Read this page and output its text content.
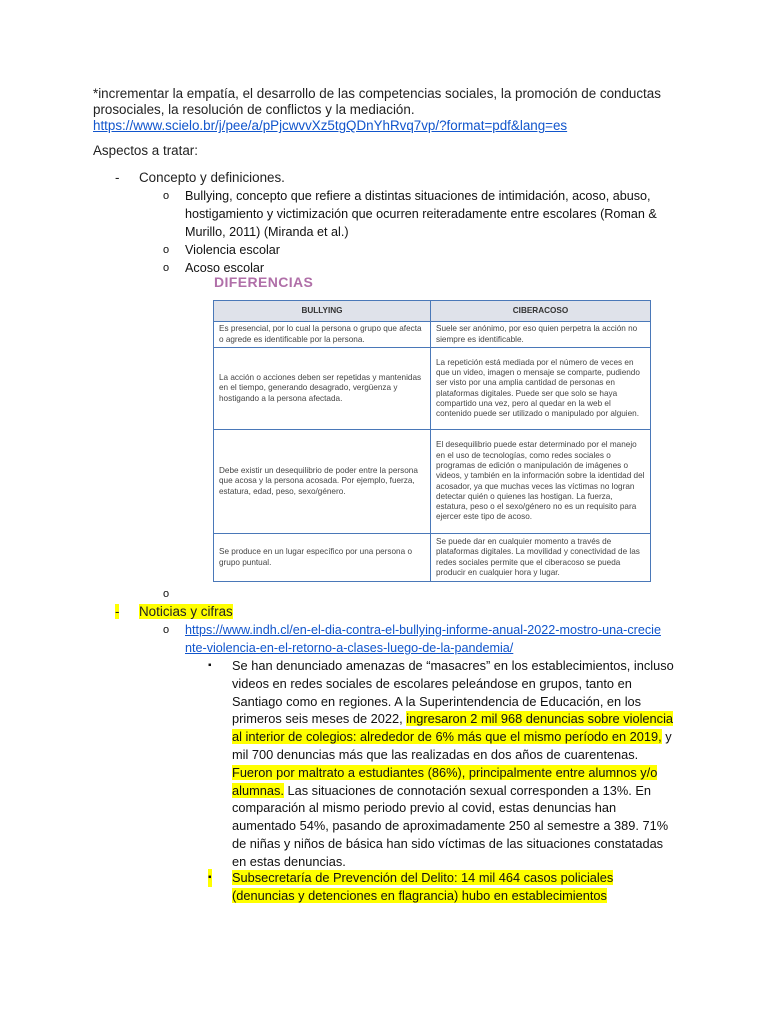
*incrementar la empatía, el desarrollo de las competencias sociales, la promoción de conductas prosociales, la resolución de conflictos y la mediación.
https://www.scielo.br/j/pee/a/pPjcwvvXz5tgQDnYhRvq7vp/?format=pdf&lang=es
Aspectos a tratar:
- Concepto y definiciones.
o Bullying, concepto que refiere a distintas situaciones de intimidación, acoso, abuso, hostigamiento y victimización que ocurren reiteradamente entre escolares (Roman & Murillo, 2011) (Miranda et al.)
o Violencia escolar
o Acoso escolar
DIFERENCIAS
BULLYING	CIBERACOSO
Es presencial, por lo cual la persona o grupo que afecta o agrede es identificable por la persona.	Suele ser anónimo, por eso quien perpetra la acción no siempre es identificable.
La acción o acciones deben ser repetidas y mantenidas en el tiempo, generando desagrado, vergüenza y hostigando a la persona afectada.	La repetición está mediada por el número de veces en que un video, imagen o mensaje se comparte, pudiendo ser visto por una amplia cantidad de personas en plataformas digitales. Puede ser que solo se haya compartido una vez, pero al quedar en la web el contenido puede ser utilizado o manipulado por alguien.
Debe existir un desequilibrio de poder entre la persona que acosa y la persona acosada. Por ejemplo, fuerza, estatura, edad, peso, sexo/género.	El desequilibrio puede estar determinado por el manejo en el uso de tecnologías, como redes sociales o programas de edición o manipulación de imágenes o videos, y también en la información sobre la identidad del acosador, ya que muchas veces las víctimas no logran detectar quién o quienes las hostigan. La fuerza, estatura, peso o el sexo/género no es un requisito para ejercer este tipo de acoso.
Se produce en un lugar específico por una persona o grupo puntual.	Se puede dar en cualquier momento a través de plataformas digitales. La movilidad y conectividad de las redes sociales permite que el ciberacoso se pueda producir en cualquier hora y lugar.
o
- Noticias y cifras
o https://www.indh.cl/en-el-dia-contra-el-bullying-informe-anual-2022-mostro-una-creciente-violencia-en-el-retorno-a-clases-luego-de-la-pandemia/
▪ Se han denunciado amenazas de “masacres” en los establecimientos, incluso videos en redes sociales de escolares peleándose en grupos, tanto en Santiago como en regiones. A la Superintendencia de Educación, en los primeros seis meses de 2022, ingresaron 2 mil 968 denuncias sobre violencia al interior de colegios: alrededor de 6% más que el mismo período en 2019, y mil 700 denuncias más que las realizadas en dos años de cuarentenas. Fueron por maltrato a estudiantes (86%), principalmente entre alumnos y/o alumnas. Las situaciones de connotación sexual corresponden a 13%. En comparación al mismo periodo previo al covid, estas denuncias han aumentado 54%, pasando de aproximadamente 250 al semestre a 389. 71% de niñas y niños de básica han sido víctimas de las situaciones constatadas en estas denuncias.
▪ Subsecretaría de Prevención del Delito: 14 mil 464 casos policiales (denuncias y detenciones en flagrancia) hubo en establecimientos
